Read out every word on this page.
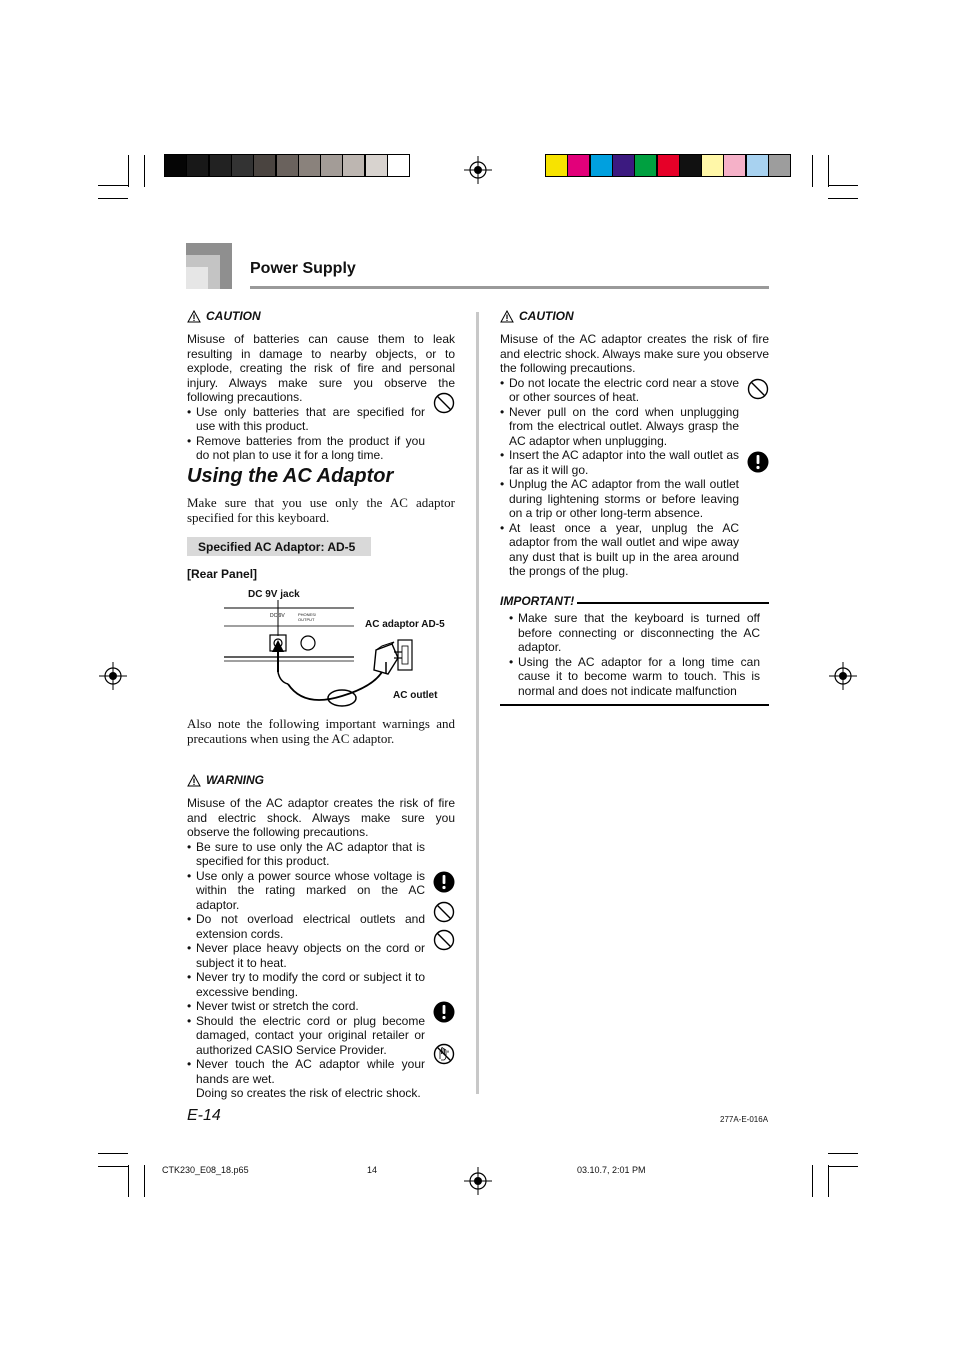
Power Supply
CAUTION
Misuse of batteries can cause them to leak resulting in damage to nearby objects, or to explode, creating the risk of fire and personal injury. Always make sure you observe the following precautions.
• Use only batteries that are specified for use with this product.
• Remove batteries from the product if you do not plan to use it for a long time.
Using the AC Adaptor
Make sure that you use only the AC adaptor specified for this keyboard.
Specified AC Adaptor: AD-5
[Rear Panel]
DC 9V jack
AC adaptor AD-5
AC outlet
DC 9V	PHONES/ OUTPUT
Also note the following important warnings and precautions when using the AC adaptor.
WARNING
Misuse of the AC adaptor creates the risk of fire and electric shock. Always make sure you observe the following precautions.
• Be sure to use only the AC adaptor that is specified for this product.
• Use only a power source whose voltage is within the rating marked on the AC adaptor.
• Do not overload electrical outlets and extension cords.
• Never place heavy objects on the cord or subject it to heat.
• Never try to modify the cord or subject it to excessive bending.
• Never twist or stretch the cord.
• Should the electric cord or plug become damaged, contact your original retailer or authorized CASIO Service Provider.
• Never touch the AC adaptor while your hands are wet.
Doing so creates the risk of electric shock.
CAUTION
Misuse of the AC adaptor creates the risk of fire and electric shock. Always make sure you observe the following precautions.
• Do not locate the electric cord near a stove or other sources of heat.
• Never pull on the cord when unplugging from the electrical outlet. Always grasp the AC adaptor when unplugging.
• Insert the AC adaptor into the wall outlet as far as it will go.
• Unplug the AC adaptor from the wall outlet during lightening storms or before leaving on a trip or other long-term absence.
• At least once a year, unplug the AC adaptor from the wall outlet and wipe away any dust that is built up in the area around the prongs of the plug.
IMPORTANT!
• Make sure that the keyboard is turned off before connecting or disconnecting the AC adaptor.
• Using the AC adaptor for a long time can cause it to become warm to touch. This is normal and does not indicate malfunction
E-14	277A-E-016A
CTK230_E08_18.p65	14	03.10.7, 2:01 PM
